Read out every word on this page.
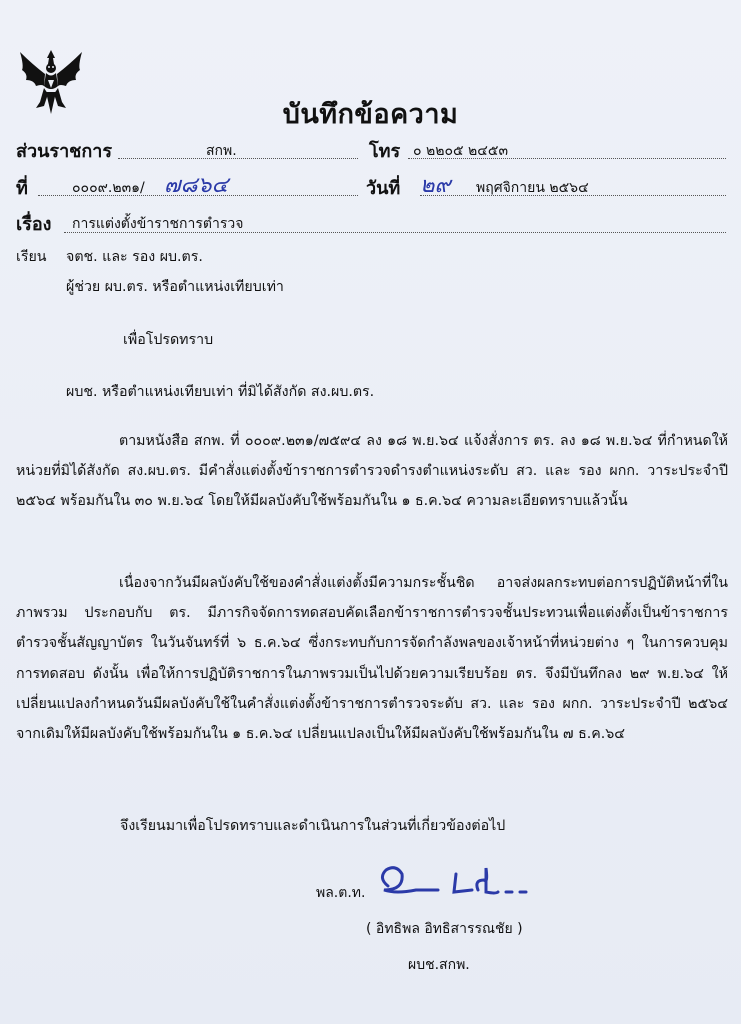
บันทึกข้อความ
ส่วนราชการ	สกพ.	โทร ๐ ๒๒๐๕ ๒๔๕๓
ที่	๐๐๐๙.๒๓๑/ ๗๘๖๔	วันที่ ๒๙ พฤศจิกายน ๒๕๖๔
เรื่อง การแต่งตั้งข้าราชการตำรวจ
เรียน จตช. และ รอง ผบ.ตร.
ผู้ช่วย ผบ.ตร. หรือตำแหน่งเทียบเท่า
เพื่อโปรดทราบ
ผบช. หรือตำแหน่งเทียบเท่า ที่มิได้สังกัด สง.ผบ.ตร.
ตามหนังสือ สกพ. ที่ ๐๐๐๙.๒๓๑/๗๕๙๔ ลง ๑๘ พ.ย.๖๔ แจ้งสั่งการ ตร. ลง ๑๘ พ.ย.๖๔ ที่กำหนดให้หน่วยที่มิได้สังกัด สง.ผบ.ตร. มีคำสั่งแต่งตั้งข้าราชการตำรวจดำรงตำแหน่งระดับ สว. และ รอง ผกก. วาระประจำปี ๒๕๖๔ พร้อมกันใน ๓๐ พ.ย.๖๔ โดยให้มีผลบังคับใช้พร้อมกันใน ๑ ธ.ค.๖๔ ความละเอียดทราบแล้วนั้น
เนื่องจากวันมีผลบังคับใช้ของคำสั่งแต่งตั้งมีความกระชั้นชิด อาจส่งผลกระทบต่อการปฏิบัติหน้าที่ในภาพรวม ประกอบกับ ตร. มีภารกิจจัดการทดสอบคัดเลือกข้าราชการตำรวจชั้นประทวนเพื่อแต่งตั้งเป็นข้าราชการตำรวจชั้นสัญญาบัตร ในวันจันทร์ที่ ๖ ธ.ค.๖๔ ซึ่งกระทบกับการจัดกำลังพลของเจ้าหน้าที่หน่วยต่าง ๆ ในการควบคุมการทดสอบ ดังนั้น เพื่อให้การปฏิบัติราชการในภาพรวมเป็นไปด้วยความเรียบร้อย ตร. จึงมีบันทึกลง ๒๙ พ.ย.๖๔ ให้เปลี่ยนแปลงกำหนดวันมีผลบังคับใช้ในคำสั่งแต่งตั้งข้าราชการตำรวจระดับ สว. และ รอง ผกก. วาระประจำปี ๒๕๖๔ จากเดิมให้มีผลบังคับใช้พร้อมกันใน ๑ ธ.ค.๖๔ เปลี่ยนแปลงเป็นให้มีผลบังคับใช้พร้อมกันใน ๗ ธ.ค.๖๔
จึงเรียนมาเพื่อโปรดทราบและดำเนินการในส่วนที่เกี่ยวข้องต่อไป
พล.ต.ท.
( อิทธิพล อิทธิสารรณชัย )
ผบช.สกพ.
